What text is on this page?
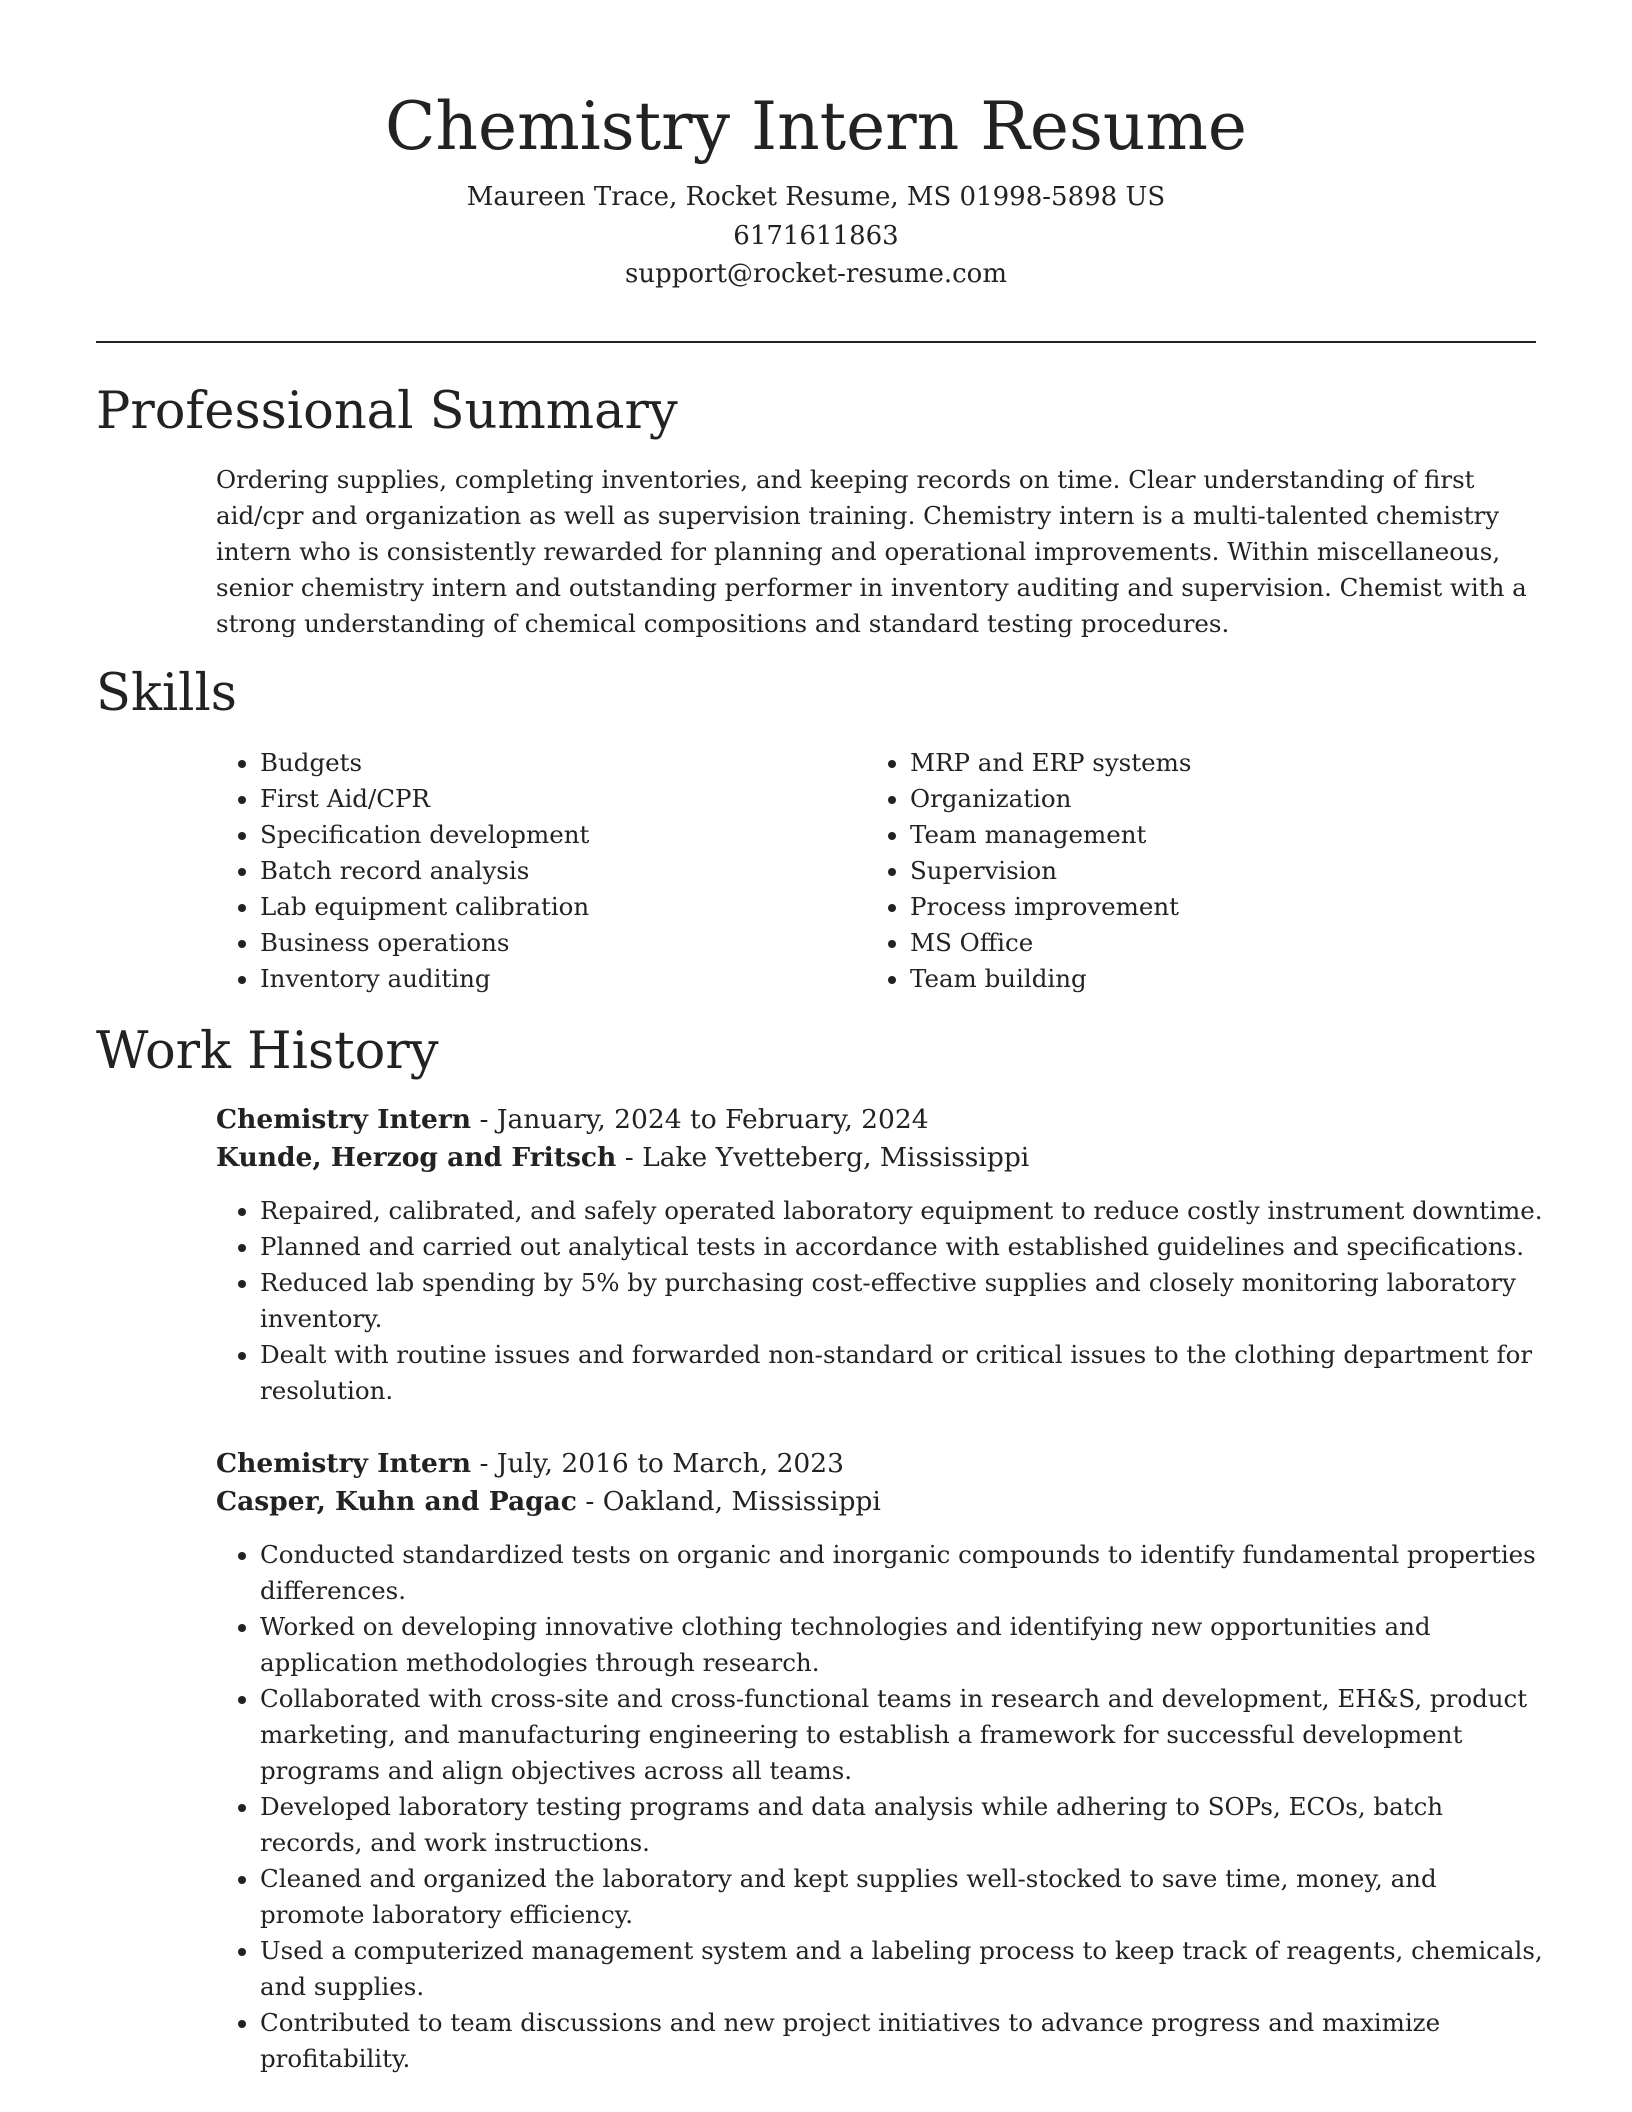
Chemistry Intern Resume
Maureen Trace, Rocket Resume, MS 01998-5898 US
6171611863
support@rocket-resume.com
Professional Summary

Ordering supplies, completing inventories, and keeping records on time. Clear understanding of first aid/cpr and organization as well as supervision training. Chemistry intern is a multi-talented chemistry intern who is consistently rewarded for planning and operational improvements. Within miscellaneous, senior chemistry intern and outstanding performer in inventory auditing and supervision. Chemist with a strong understanding of chemical compositions and standard testing procedures.

Skills
• Budgets
• First Aid/CPR
• Specification development
• Batch record analysis
• Lab equipment calibration
• Business operations
• Inventory auditing
• MRP and ERP systems
• Organization
• Team management
• Supervision
• Process improvement
• MS Office
• Team building
Work History
Chemistry Intern - January, 2024 to February, 2024
Kunde, Herzog and Fritsch - Lake Yvetteberg, Mississippi
• Repaired, calibrated, and safely operated laboratory equipment to reduce costly instrument downtime.
• Planned and carried out analytical tests in accordance with established guidelines and specifications.
• Reduced lab spending by 5% by purchasing cost-effective supplies and closely monitoring laboratory inventory.
• Dealt with routine issues and forwarded non-standard or critical issues to the clothing department for resolution.
Chemistry Intern - July, 2016 to March, 2023
Casper, Kuhn and Pagac - Oakland, Mississippi
• Conducted standardized tests on organic and inorganic compounds to identify fundamental properties differences.
• Worked on developing innovative clothing technologies and identifying new opportunities and application methodologies through research.
• Collaborated with cross-site and cross-functional teams in research and development, EH&S, product marketing, and manufacturing engineering to establish a framework for successful development programs and align objectives across all teams.
• Developed laboratory testing programs and data analysis while adhering to SOPs, ECOs, batch records, and work instructions.
• Cleaned and organized the laboratory and kept supplies well-stocked to save time, money, and promote laboratory efficiency.
• Used a computerized management system and a labeling process to keep track of reagents, chemicals, and supplies.
• Contributed to team discussions and new project initiatives to advance progress and maximize profitability.
